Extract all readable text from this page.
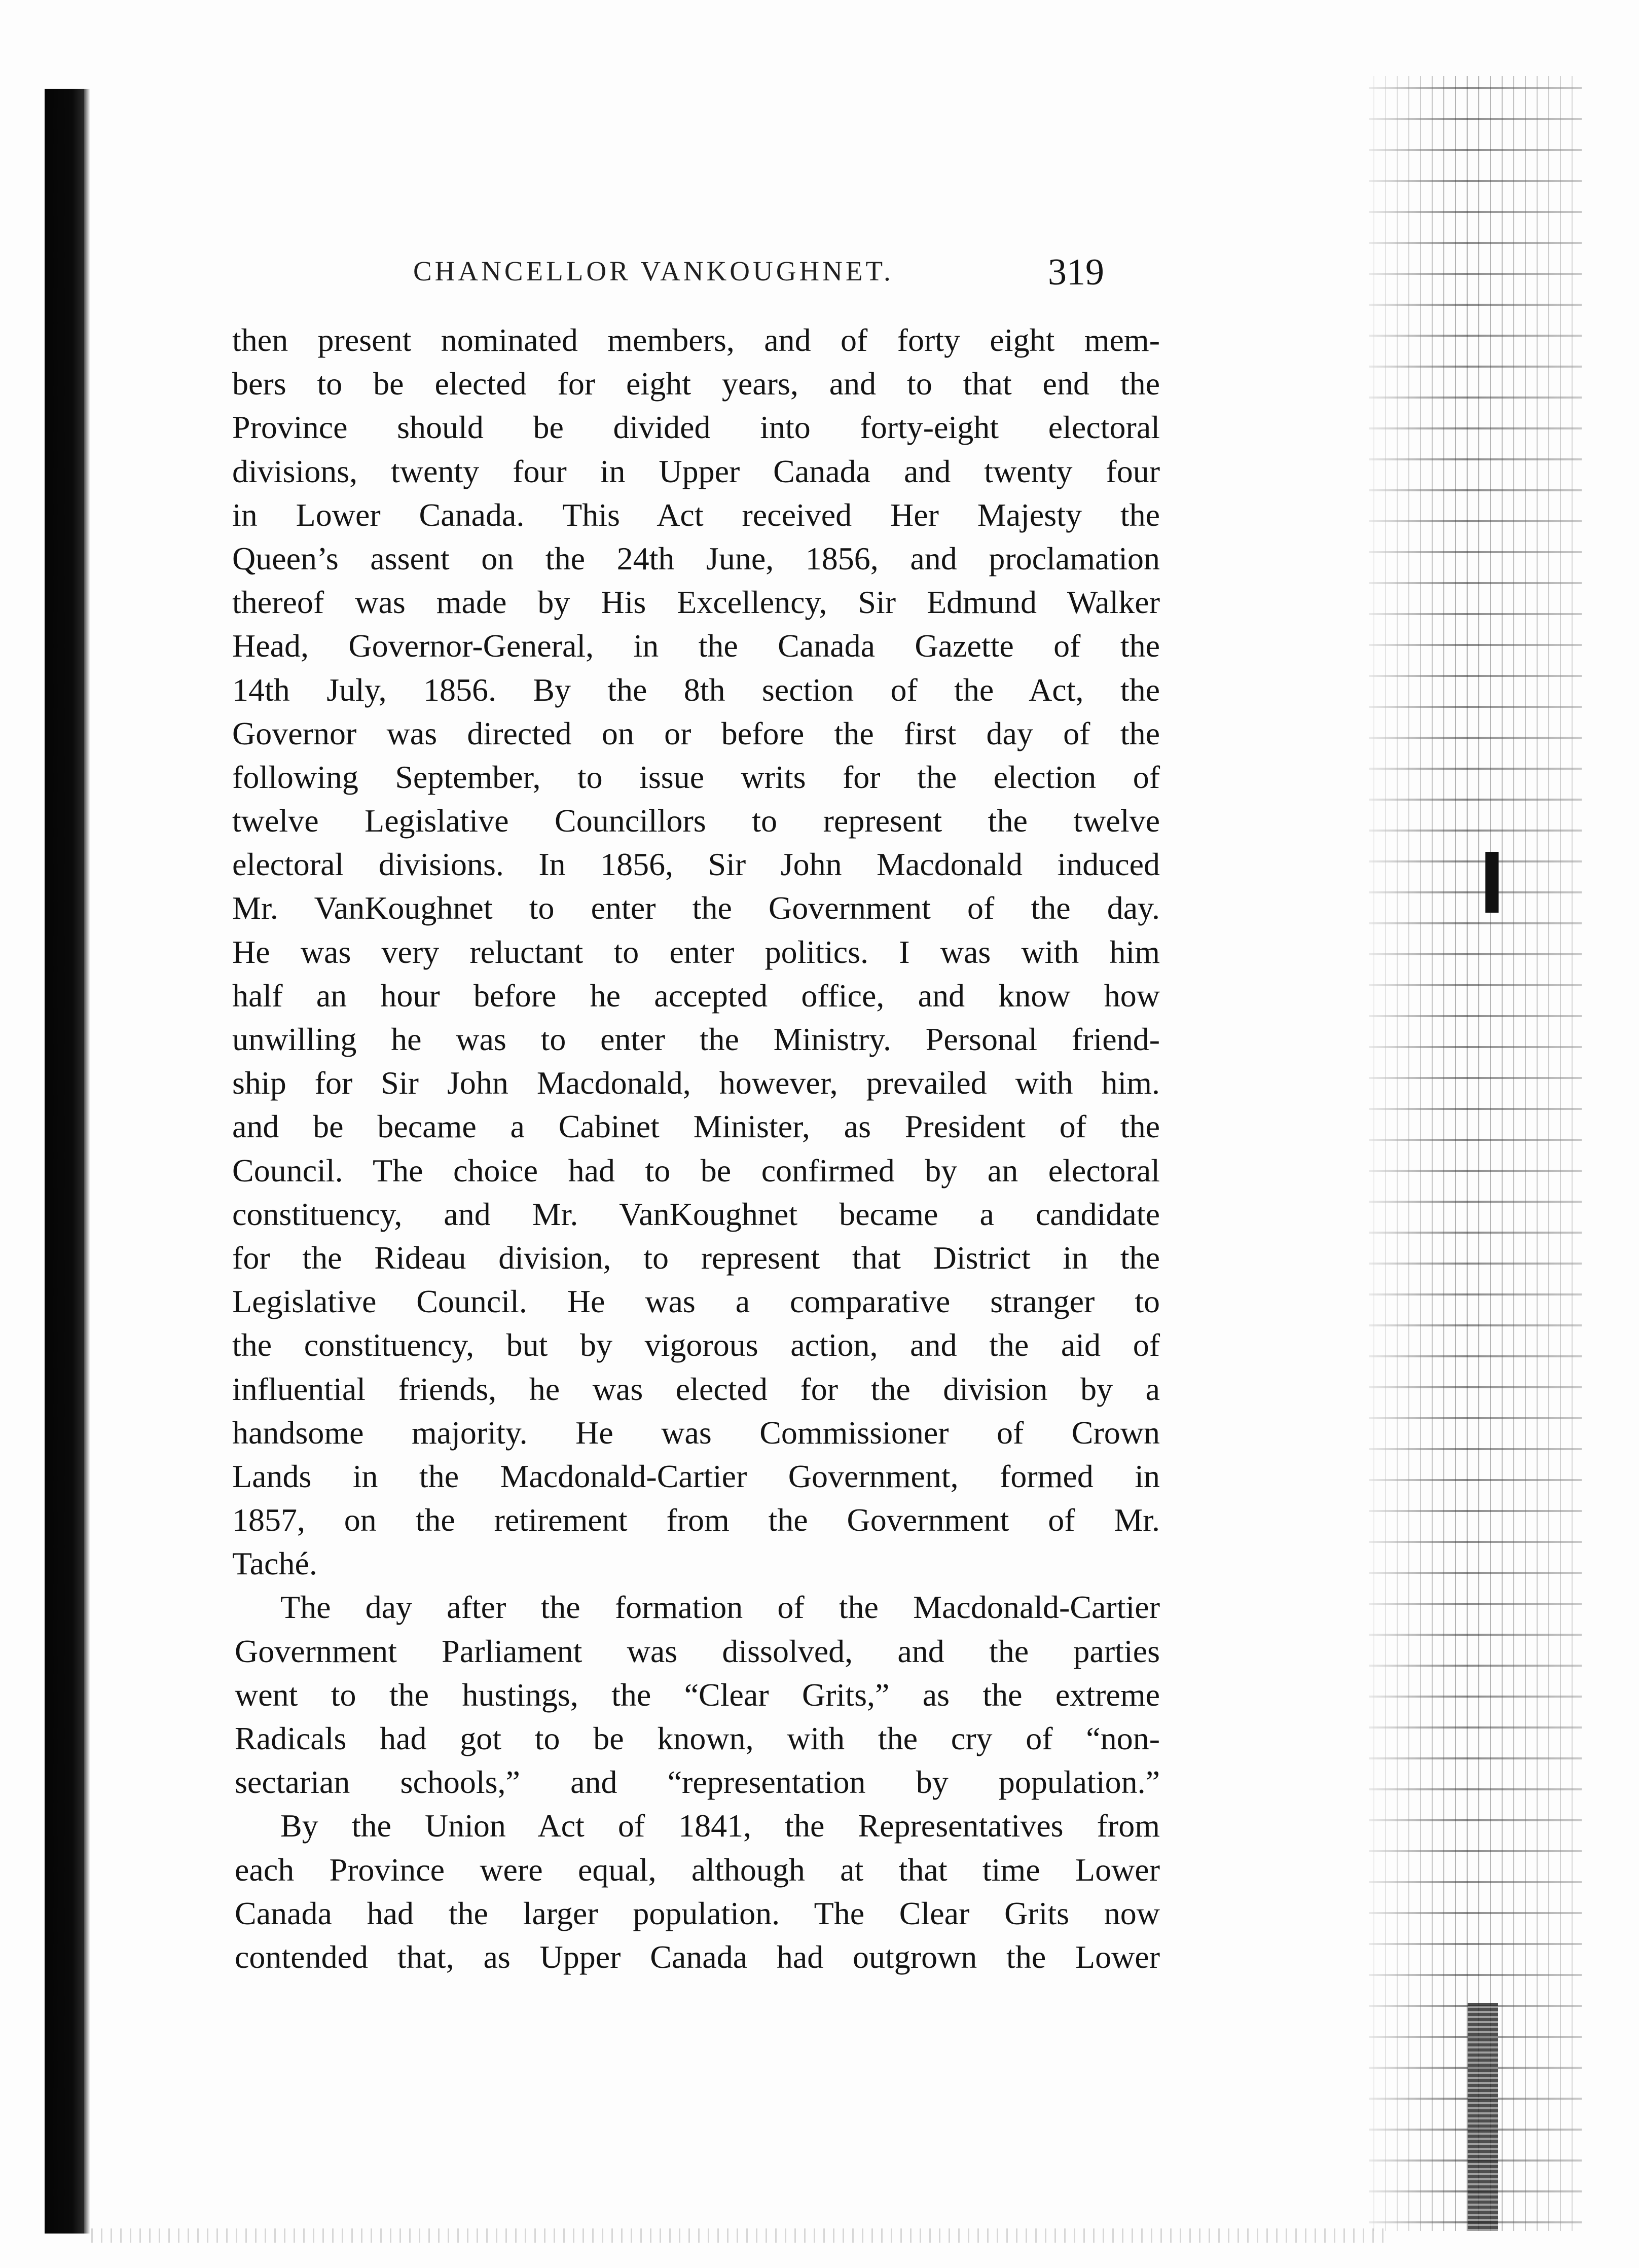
CHANCELLOR VANKOUGHNET.	319
then present nominated members, and of forty eight mem-
bers to be elected for eight years, and to that end the
Province should be divided into forty-eight electoral
divisions, twenty four in Upper Canada and twenty four
in Lower Canada. This Act received Her Majesty the
Queen’s assent on the 24th June, 1856, and proclamation
thereof was made by His Excellency, Sir Edmund Walker
Head, Governor-General, in the Canada Gazette of the
14th July, 1856. By the 8th section of the Act, the
Governor was directed on or before the first day of the
following September, to issue writs for the election of
twelve Legislative Councillors to represent the twelve
electoral divisions. In 1856, Sir John Macdonald induced
Mr. VanKoughnet to enter the Government of the day.
He was very reluctant to enter politics. I was with him
half an hour before he accepted office, and know how
unwilling he was to enter the Ministry. Personal friend-
ship for Sir John Macdonald, however, prevailed with him.
and be became a Cabinet Minister, as President of the
Council. The choice had to be confirmed by an electoral
constituency, and Mr. VanKoughnet became a candidate
for the Rideau division, to represent that District in the
Legislative Council. He was a comparative stranger to
the constituency, but by vigorous action, and the aid of
influential friends, he was elected for the division by a
handsome majority. He was Commissioner of Crown
Lands in the Macdonald-Cartier Government, formed in
1857, on the retirement from the Government of Mr.
Taché.
The day after the formation of the Macdonald-Cartier
Government Parliament was dissolved, and the parties
went to the hustings, the “Clear Grits,” as the extreme
Radicals had got to be known, with the cry of “non-
sectarian schools,” and “representation by population.”
By the Union Act of 1841, the Representatives from
each Province were equal, although at that time Lower
Canada had the larger population. The Clear Grits now
contended that, as Upper Canada had outgrown the Lower
